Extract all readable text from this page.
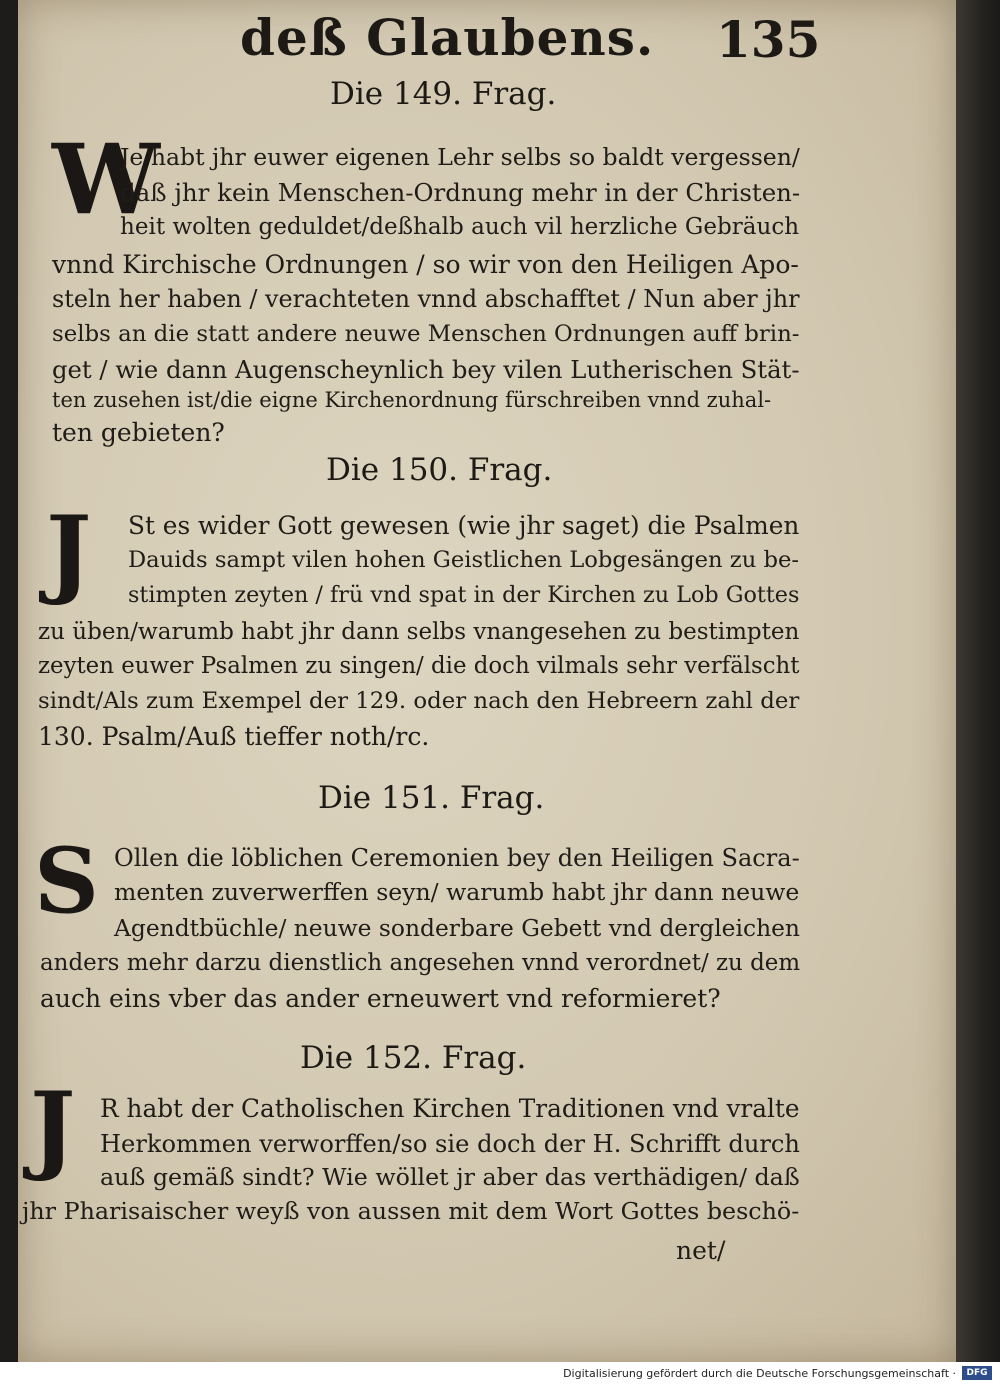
deß Glaubens. 135
Die 149. Frag.
W
Je habt jhr euwer eigenen Lehr selbs so baldt vergessen/
daß jhr kein Menschen-Ordnung mehr in der Christen-
heit wolten geduldet/deßhalb auch vil herzliche Gebräuch
vnnd Kirchische Ordnungen / so wir von den Heiligen Apo-
steln her haben / verachteten vnnd abschafftet / Nun aber jhr
selbs an die statt andere neuwe Menschen Ordnungen auff brin-
get / wie dann Augenscheynlich bey vilen Lutherischen Stät-
ten zusehen ist/die eigne Kirchenordnung fürschreiben vnnd zuhal-
ten gebieten?
Die 150. Frag.
J St es wider Gott gewesen (wie jhr saget) die Psalmen
Dauids sampt vilen hohen Geistlichen Lobgesängen zu be-
stimpten zeyten / frü vnd spat in der Kirchen zu Lob Gottes
zu üben/warumb habt jhr dann selbs vnangesehen zu bestimpten
zeyten euwer Psalmen zu singen/ die doch vilmals sehr verfälscht
sindt/Als zum Exempel der 129. oder nach den Hebreern zahl der
130. Psalm/Auß tieffer noth/rc.
Die 151. Frag.
S Ollen die löblichen Ceremonien bey den Heiligen Sacra-
menten zuverwerffen seyn/ warumb habt jhr dann neuwe
Agendtbüchle/ neuwe sonderbare Gebett vnd dergleichen
anders mehr darzu dienstlich angesehen vnnd verordnet/ zu dem
auch eins vber das ander erneuwert vnd reformieret?
Die 152. Frag.
J R habt der Catholischen Kirchen Traditionen vnd vralte
Herkommen verworffen/so sie doch der H. Schrifft durch
auß gemäß sindt? Wie wöllet jr aber das verthädigen/ daß
jhr Pharisaischer weyß von aussen mit dem Wort Gottes beschö-
net/
Digitalisierung gefördert durch die Deutsche Forschungsgemeinschaft ·	DFG
